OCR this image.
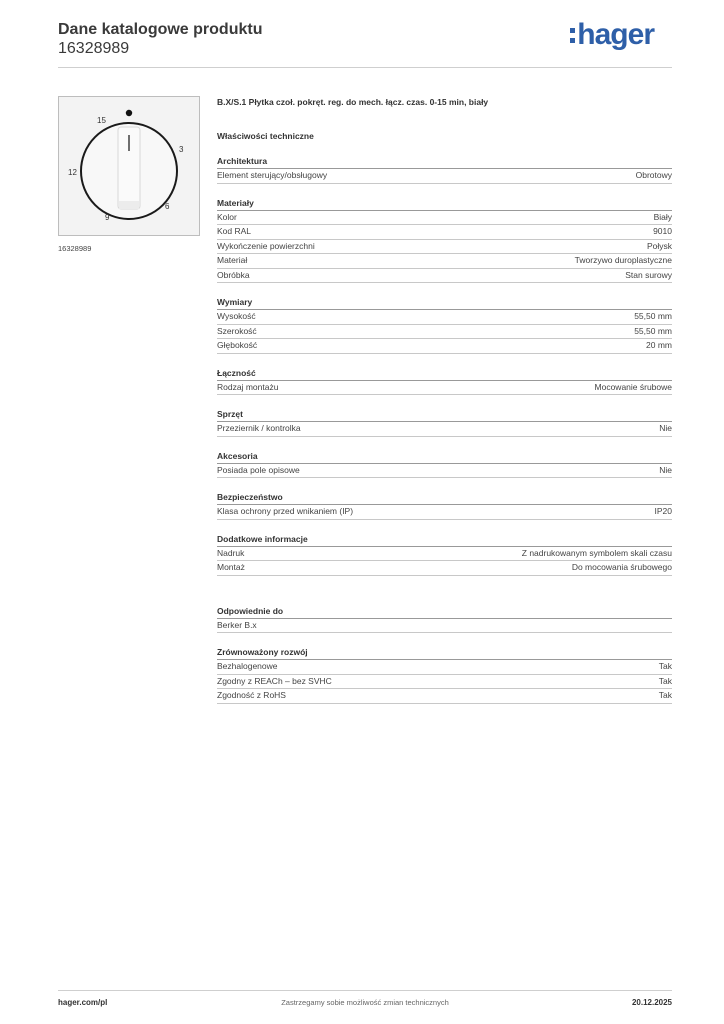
Dane katalogowe produktu
16328989	hager
15
3
12
6
9
16328989
B.X/S.1 Płytka czoł. pokręt. reg. do mech. łącz. czas. 0-15 min, biały
Właściwości techniczne
Architektura
Element sterujący/obsługowy	Obrotowy
Materiały
Kolor	Biały
Kod RAL	9010
Wykończenie powierzchni	Połysk
Materiał	Tworzywo duroplastyczne
Obróbka	Stan surowy
Wymiary
Wysokość	55,50 mm
Szerokość	55,50 mm
Głębokość	20 mm
Łączność
Rodzaj montażu	Mocowanie śrubowe
Sprzęt
Przeziernik / kontrolka	Nie
Akcesoria
Posiada pole opisowe	Nie
Bezpieczeństwo
Klasa ochrony przed wnikaniem (IP)	IP20
Dodatkowe informacje
Nadruk	Z nadrukowanym symbolem skali czasu
Montaż	Do mocowania śrubowego
Odpowiednie do
Berker B.x
Zrównoważony rozwój
Bezhalogenowe	Tak
Zgodny z REACh – bez SVHC	Tak
Zgodność z RoHS	Tak
hager.com/pl	Zastrzegamy sobie możliwość zmian technicznych	20.12.2025
